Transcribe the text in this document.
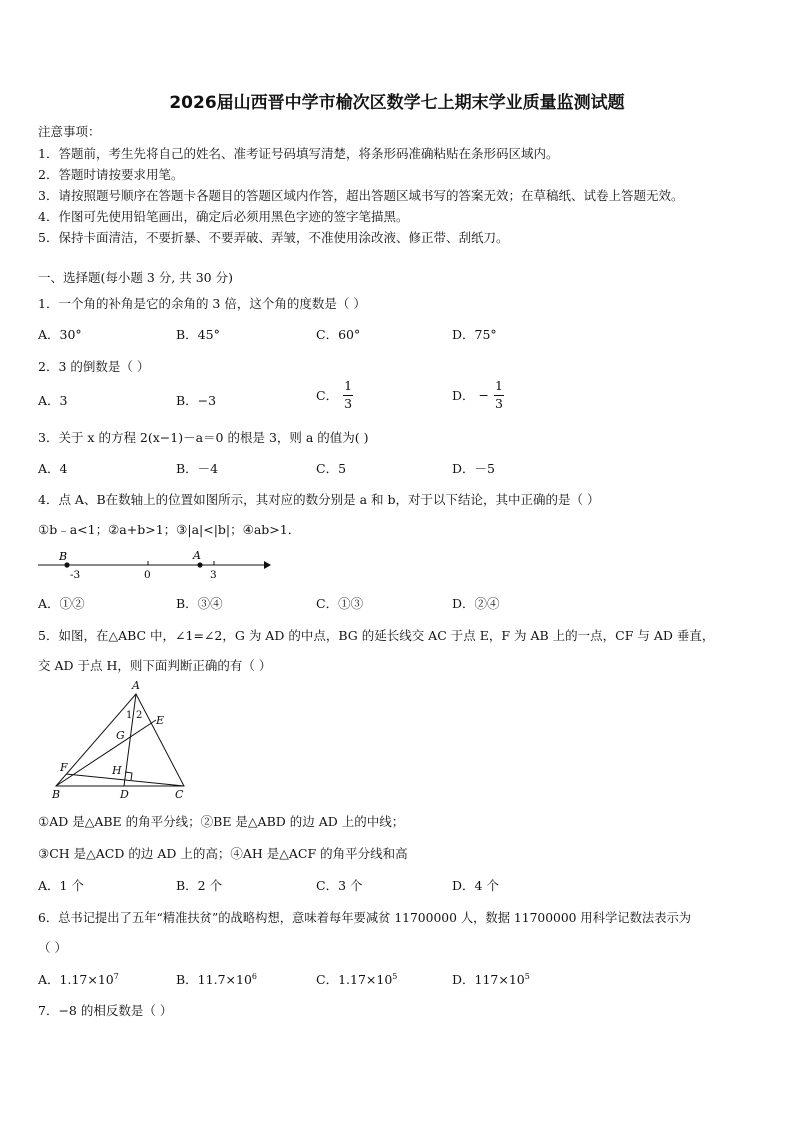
2026届山西晋中学市榆次区数学七上期末学业质量监测试题
注意事项：
1．答题前，考生先将自己的姓名、准考证号码填写清楚，将条形码准确粘贴在条形码区域内。
2．答题时请按要求用笔。
3．请按照题号顺序在答题卡各题目的答题区域内作答，超出答题区域书写的答案无效；在草稿纸、试卷上答题无效。
4．作图可先使用铅笔画出，确定后必须用黑色字迹的签字笔描黑。
5．保持卡面清洁，不要折暴、不要弄破、弄皱，不准使用涂改液、修正带、刮纸刀。
一、选择题(每小题 3 分, 共 30 分)
1．一个角的补角是它的余角的 3 倍，这个角的度数是（ ）
A．30°	B．45°	C．60°	D．75°
2．3 的倒数是（ ）
A．3	B．−3	C． $\frac{1}{3}$	D． − $\frac{1}{3}$
3．关于 x 的方程 2(x−1)－a＝0 的根是 3，则 a 的值为( )
A．4	B．－4	C．5	D．－5
4．点 A、B在数轴上的位置如图所示，其对应的数分别是 a 和 b，对于以下结论，其中正确的是（ ）
①b﹣a<1；②a+b>1；③|a|<|b|；④ab>1．
B	A
-3	0	3
A．①②	B．③④	C．①③	D．②④
5．如图，在△ABC 中，∠1=∠2，G 为 AD 的中点，BG 的延长线交 AC 于点 E，F 为 AB 上的一点，CF 与 AD 垂直，
交 AD 于点 H，则下面判断正确的有（ ）
A
1 2 E
G
F	H
B	D	C
①AD 是△ABE 的角平分线；②BE 是△ABD 的边 AD 上的中线；
③CH 是△ACD 的边 AD 上的高；④AH 是△ACF 的角平分线和高
A．1 个	B．2 个	C．3 个	D．4 个
6．总书记提出了五年“精准扶贫”的战略构想，意味着每年要减贫 11700000 人，数据 11700000 用科学记数法表示为
（ ）
A．$1.17\times 10^7$	B．$11.7\times 10^6$	C．$1.17\times 10^5$	D．$117\times 10^5$
7．−8 的相反数是（ ）
